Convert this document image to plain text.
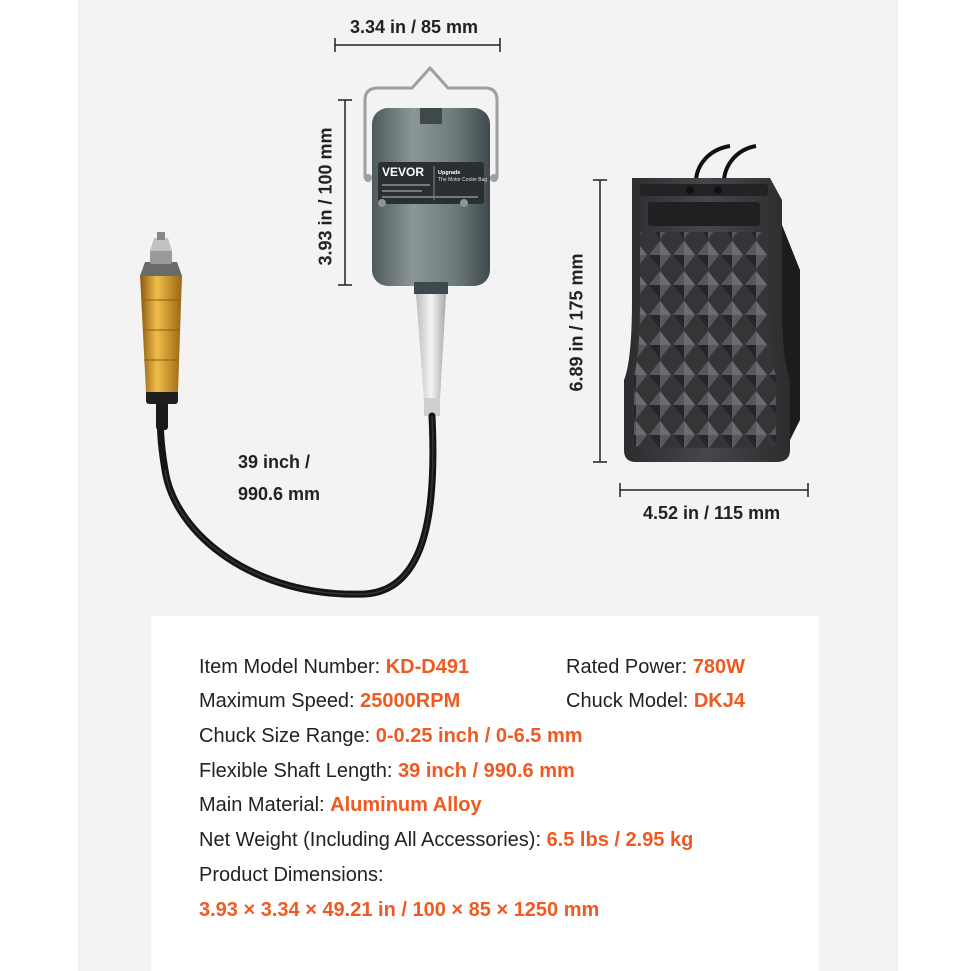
VEVOR	Upgrade
The Motor Cooler Bag
3.34 in / 85 mm
3.93 in / 100 mm
6.89 in / 175 mm
4.52 in / 115 mm
39 inch /
990.6 mm
Item Model Number: KD-D491	Rated Power: 780W
Maximum Speed: 25000RPM	Chuck Model: DKJ4
Chuck Size Range: 0-0.25 inch / 0-6.5 mm
Flexible Shaft Length: 39 inch / 990.6 mm
Main Material: Aluminum Alloy
Net Weight (Including All Accessories): 6.5 lbs / 2.95 kg
Product Dimensions:
3.93 × 3.34 × 49.21 in / 100 × 85 × 1250 mm
